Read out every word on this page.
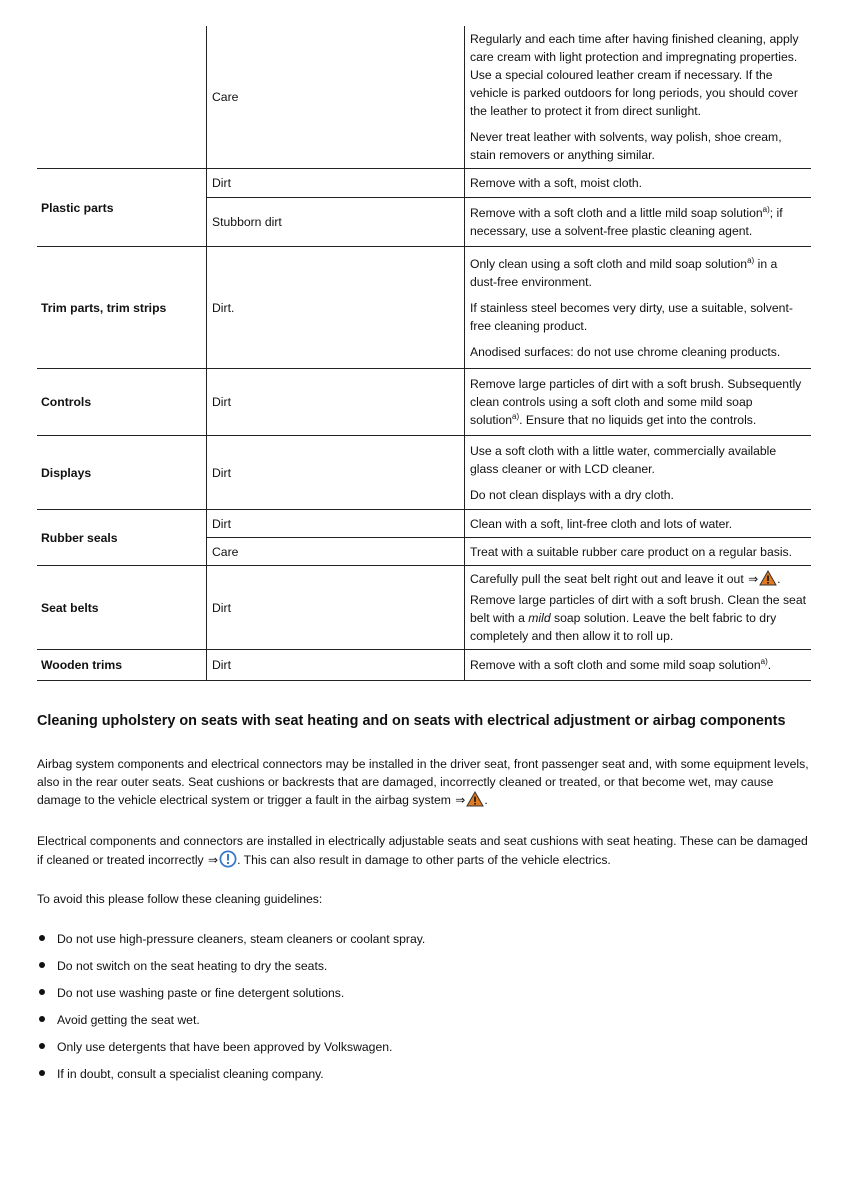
	Care	Regularly and each time after having finished cleaning, apply care cream with light protection and impregnating properties. Use a special coloured leather cream if necessary. If the vehicle is parked outdoors for long periods, you should cover the leather to protect it from direct sunlight.

Never treat leather with solvents, way polish, shoe cream, stain removers or anything similar.

Plastic parts	Dirt	Remove with a soft, moist cloth.

	Stubborn dirt	Remove with a soft cloth and a little mild soap solution$^{a)}$; if necessary, use a solvent-free plastic cleaning agent.

Trim parts, trim strips	Dirt.	Only clean using a soft cloth and mild soap solution$^{a)}$ in a dust-free environment.

If stainless steel becomes very dirty, use a suitable, solvent-free cleaning product.

Anodised surfaces: do not use chrome cleaning products.

Controls	Dirt	Remove large particles of dirt with a soft brush. Subsequently clean controls using a soft cloth and some mild soap solution$^{a)}$. Ensure that no liquids get into the controls.

Displays	Dirt	Use a soft cloth with a little water, commercially available glass cleaner or with LCD cleaner.

Do not clean displays with a dry cloth.

Rubber seals	Dirt	Clean with a soft, lint-free cloth and lots of water.

	Care	Treat with a suitable rubber care product on a regular basis.

Seat belts	Dirt	Carefully pull the seat belt right out and leave it out ⇒ . Remove large particles of dirt with a soft brush. Clean the seat belt with a mild soap solution. Leave the belt fabric to dry completely and then allow it to roll up.

Wooden trims	Dirt	Remove with a soft cloth and some mild soap solution$^{a)}$.

Cleaning upholstery on seats with seat heating and on seats with electrical adjustment or airbag components

Airbag system components and electrical connectors may be installed in the driver seat, front passenger seat and, with some equipment levels, also in the rear outer seats. Seat cushions or backrests that are damaged, incorrectly cleaned or treated, or that become wet, may cause damage to the vehicle electrical system or trigger a fault in the airbag system ⇒ .

Electrical components and connectors are installed in electrically adjustable seats and seat cushions with seat heating. These can be damaged if cleaned or treated incorrectly ⇒ . This can also result in damage to other parts of the vehicle electrics.

To avoid this please follow these cleaning guidelines:

Do not use high-pressure cleaners, steam cleaners or coolant spray.
Do not switch on the seat heating to dry the seats.
Do not use washing paste or fine detergent solutions.
Avoid getting the seat wet.
Only use detergents that have been approved by Volkswagen.
If in doubt, consult a specialist cleaning company.
